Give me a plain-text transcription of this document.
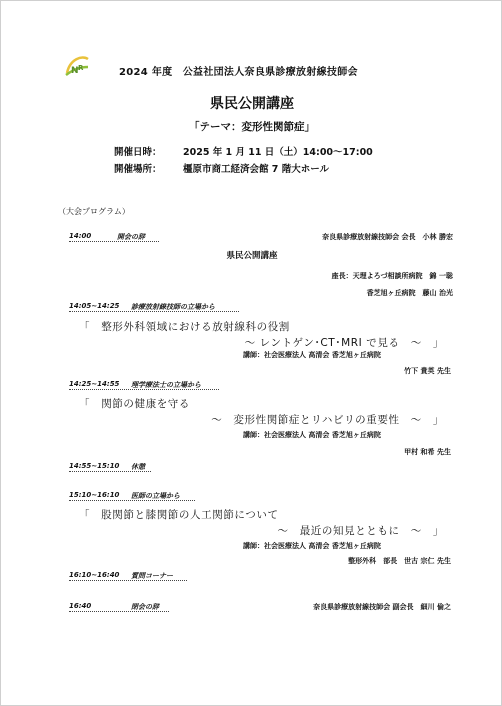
N R	2024 年度　公益社団法人奈良県診療放射線技師会
県民公開講座
「テーマ：変形性関節症」
開催日時： 2025 年 1 月 11 日（土）14:00～17:00
開催場所： 橿原市商工経済会館 7 階大ホール
（大会プログラム）
14:00	開会の辞	奈良県診療放射線技師会 会長　小林 勝宏
県民公開講座
座長：天理よろづ相談所病院　錦 一聡
香芝旭ヶ丘病院　藤山 治光
14:05~14:25 診療放射線技師の立場から
「　整形外科領域における放射線科の役割
～ レントゲン･CT･MRI で見る　～　」
講師：社会医療法人 高清会 香芝旭ヶ丘病院
竹下 貴英 先生
14:25~14:55 理学療法士の立場から
「　関節の健康を守る
～　変形性関節症とリハビリの重要性　～　」
講師：社会医療法人 高清会 香芝旭ヶ丘病院
甲村 和希 先生
14:55~15:10 休憩
15:10~16:10 医師の立場から
「　股関節と膝関節の人工関節について
～　最近の知見とともに　～　」
講師：社会医療法人 高清会 香芝旭ヶ丘病院
整形外科　部長　世古 宗仁 先生
16:10~16:40 質問コーナー
16:40	閉会の辞	奈良県診療放射線技師会 副会長　細川 倫之
